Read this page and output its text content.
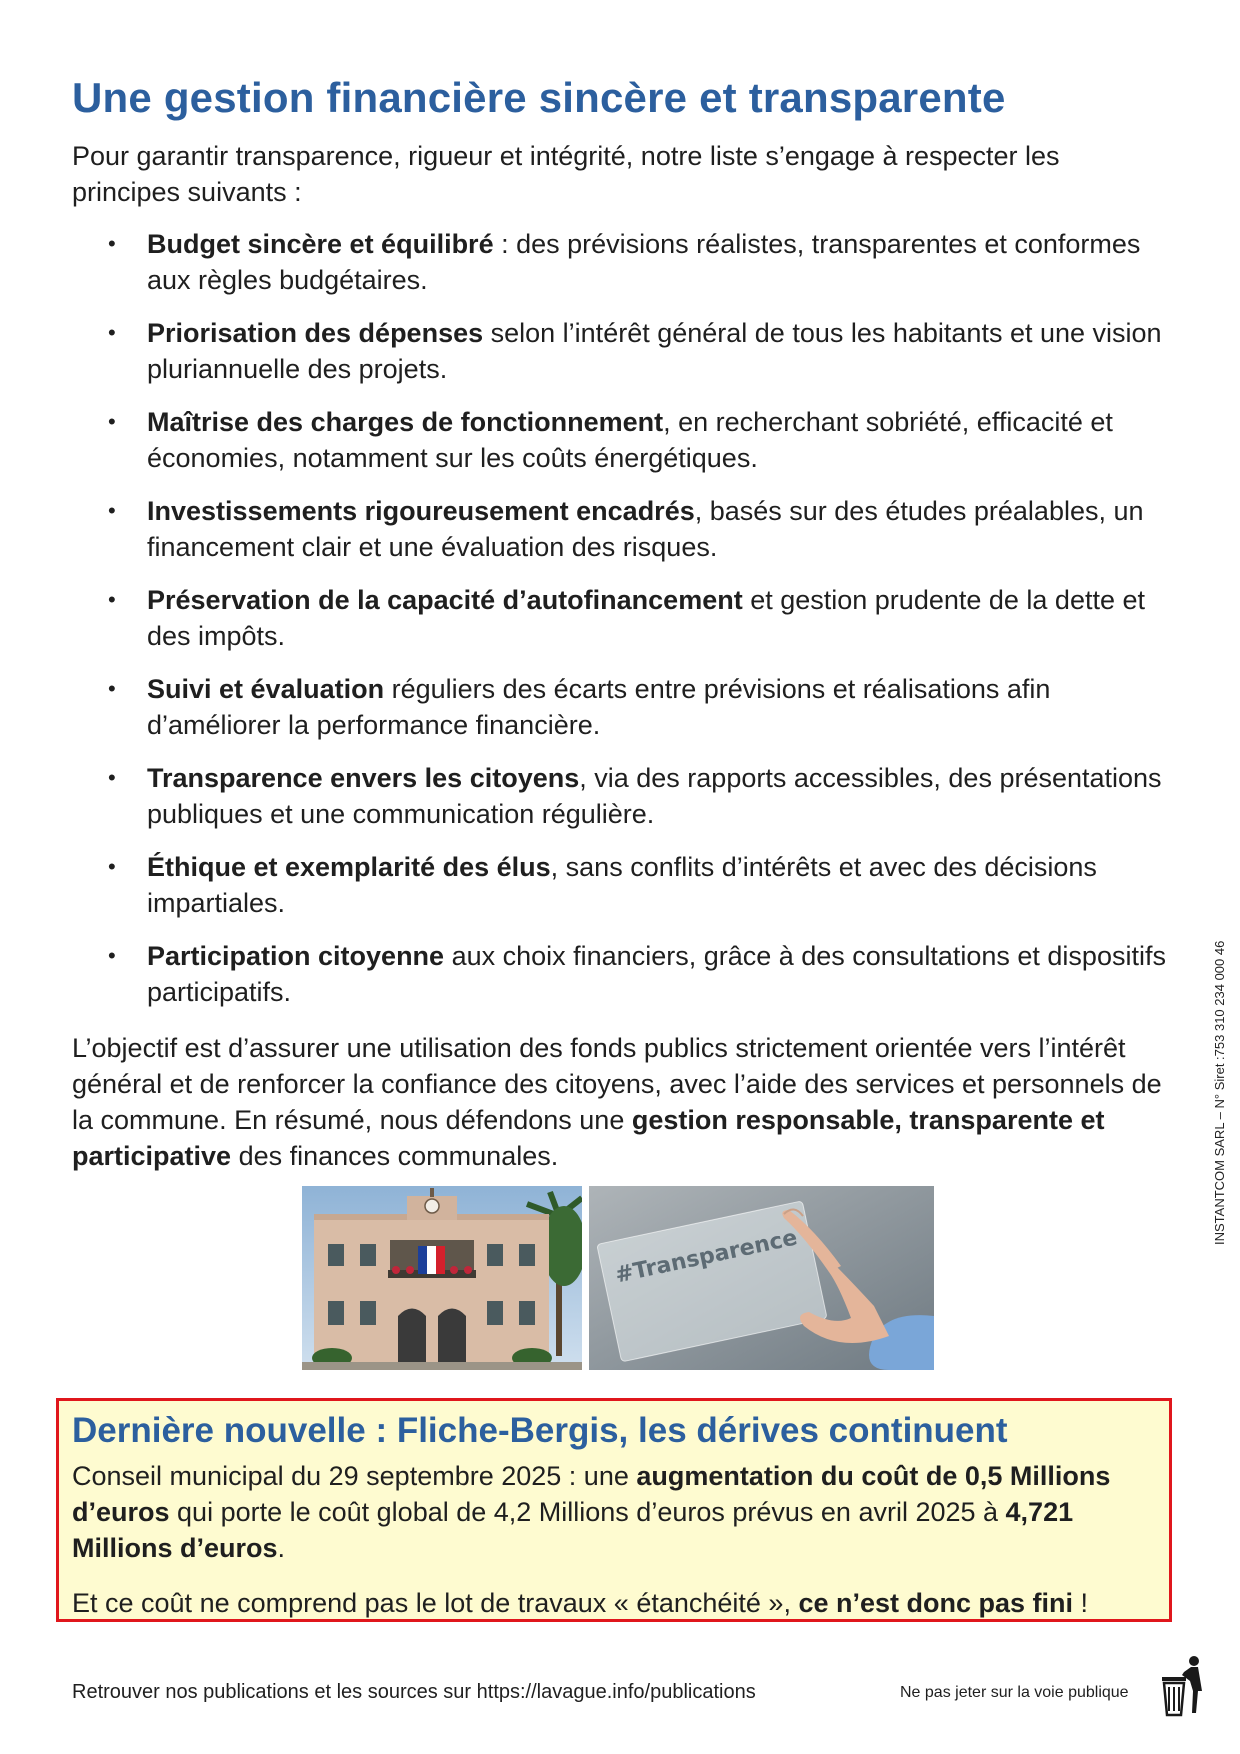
Une gestion financière sincère et transparente

Pour garantir transparence, rigueur et intégrité, notre liste s’engage à respecter les principes suivants :

• Budget sincère et équilibré : des prévisions réalistes, transparentes et conformes aux règles budgétaires.
• Priorisation des dépenses selon l’intérêt général de tous les habitants et une vision pluriannuelle des projets.
• Maîtrise des charges de fonctionnement, en recherchant sobriété, efficacité et économies, notamment sur les coûts énergétiques.
• Investissements rigoureusement encadrés, basés sur des études préalables, un financement clair et une évaluation des risques.
• Préservation de la capacité d’autofinancement et gestion prudente de la dette et des impôts.
• Suivi et évaluation réguliers des écarts entre prévisions et réalisations afin d’améliorer la performance financière.
• Transparence envers les citoyens, via des rapports accessibles, des présentations publiques et une communication régulière.
• Éthique et exemplarité des élus, sans conflits d’intérêts et avec des décisions impartiales.
• Participation citoyenne aux choix financiers, grâce à des consultations et dispositifs participatifs.

L’objectif est d’assurer une utilisation des fonds publics strictement orientée vers l’intérêt général et de renforcer la confiance des citoyens, avec l’aide des services et personnels de la commune. En résumé, nous défendons une gestion responsable, transparente et participative des finances communales.

#Transparence
Dernière nouvelle : Fliche-Bergis, les dérives continuent

Conseil municipal du 29 septembre 2025 : une augmentation du coût de 0,5 Millions d’euros qui porte le coût global de 4,2 Millions d’euros prévus en avril 2025 à 4,721 Millions d’euros.

Et ce coût ne comprend pas le lot de travaux « étanchéité », ce n’est donc pas fini !

Retrouver nos publications et les sources sur https://lavague.info/publications	Ne pas jeter sur la voie publique
INSTANTCOM SARL – N° Siret :753 310 234 000 46
